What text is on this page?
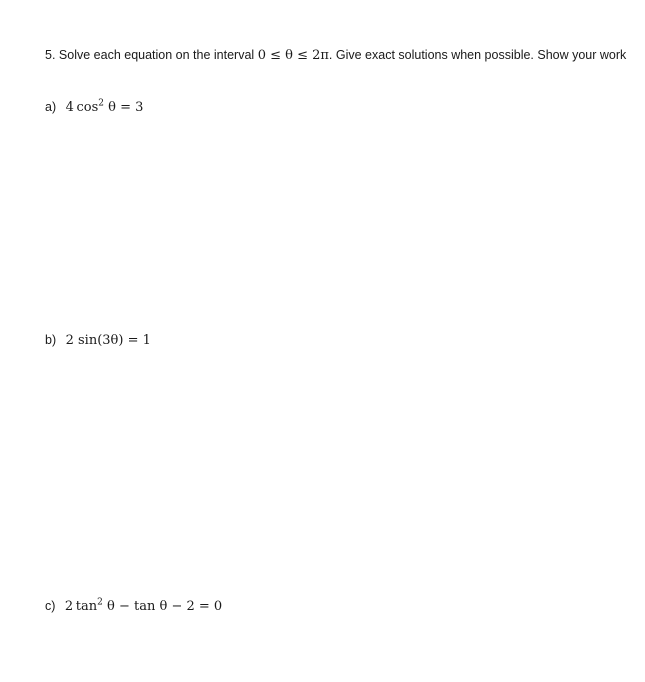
5. Solve each equation on the interval 0 ≤ θ ≤ 2π. Give exact solutions when possible. Show your work
a) 4  $\cos^2 \theta = 3$
b) 2 sin(3θ) = 1
c) 2  $\tan^2 \theta - \tan \theta - 2 = 0$
